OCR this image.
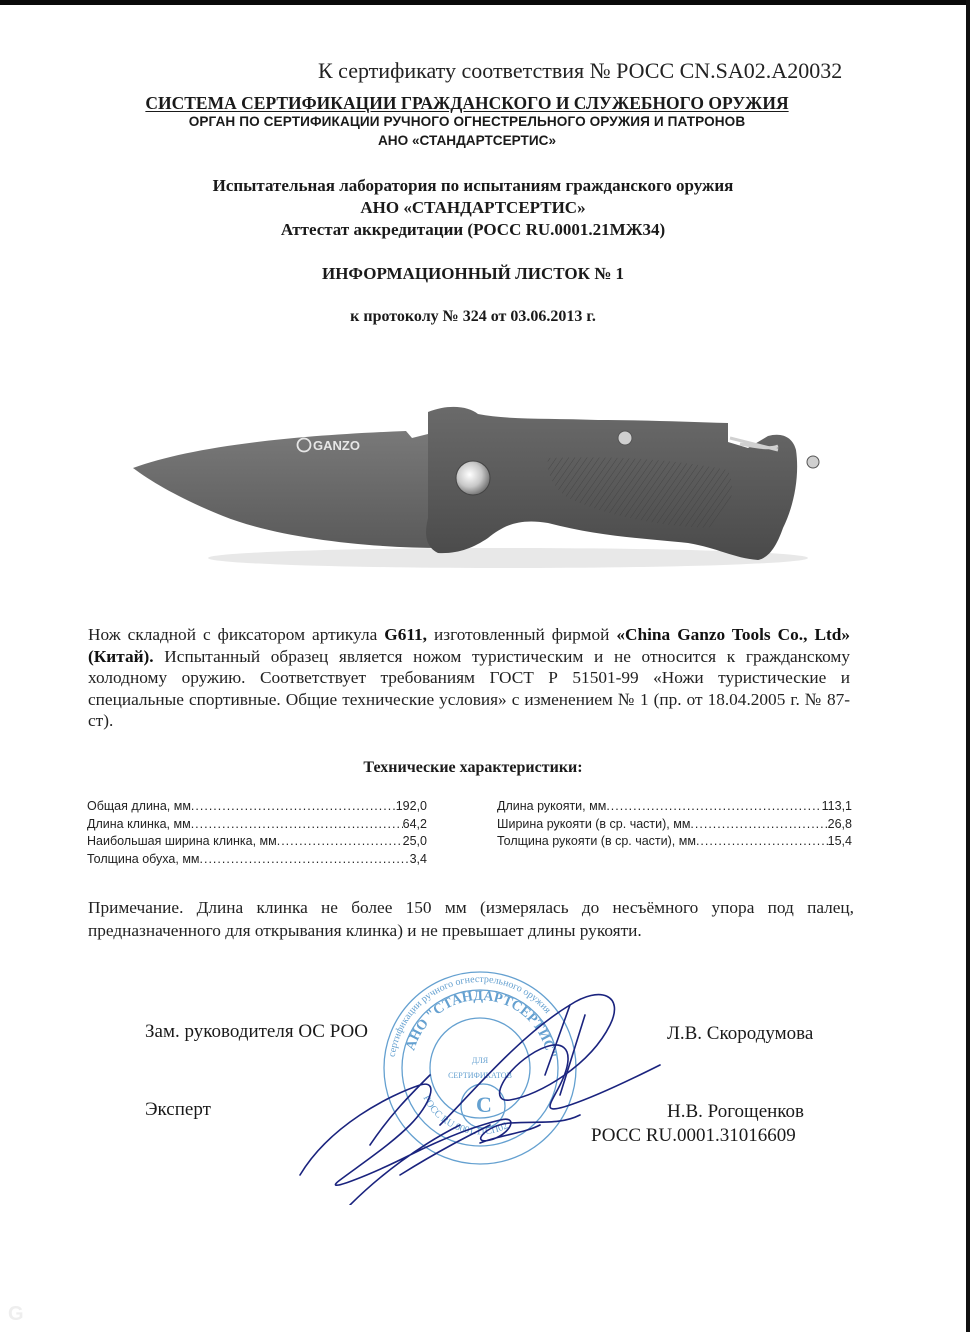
К сертификату соответствия № РОСС CN.SA02.А20032
СИСТЕМА СЕРТИФИКАЦИИ ГРАЖДАНСКОГО И СЛУЖЕБНОГО ОРУЖИЯ
ОРГАН ПО СЕРТИФИКАЦИИ РУЧНОГО ОГНЕСТРЕЛЬНОГО ОРУЖИЯ И ПАТРОНОВ
АНО «СТАНДАРТСЕРТИС»
Испытательная лаборатория по испытаниям гражданского оружия
АНО «СТАНДАРТСЕРТИС»
Аттестат аккредитации (РОСС RU.0001.21МЖ34)
ИНФОРМАЦИОННЫЙ ЛИСТОК № 1
к протоколу № 324 от 03.06.2013 г.
GANZO
Нож складной с фиксатором артикула G611, изготовленный фирмой «China Ganzo Tools Co., Ltd» (Китай). Испытанный образец является ножом туристическим и не относится к гражданскому холодному оружию. Соответствует требованиям ГОСТ Р 51501-99 «Ножи туристические и специальные спортивные. Общие технические условия» с изменением № 1 (пр. от 18.04.2005 г. № 87-ст).
Технические характеристики:
Общая длина, мм .....	192,0
Длина клинка, мм .....	64,2
Наибольшая ширина клинка, мм .....	25,0
Толщина обуха, мм .....	3,4
Длина рукояти, мм .....	113,1
Ширина рукояти (в ср. части), мм .....	26,8
Толщина рукояти (в ср. части), мм .....	15,4
Примечание. Длина клинка не более 150 мм (измерялась до несъёмного упора под палец, предназначенного для открывания клинка) и не превышает длины рукояти.
Зам. руководителя ОС РОО	Л.В. Скородумова
Эксперт	Н.В. Рогощенков
РОСС RU.0001.31016609
сертификации ручного огнестрельного оружия
АНО "СТАНДАРТСЕРТИС"
ДЛЯ
СЕРТИФИКАТОВ
РОСС RU.0001.11СП02
С
G
